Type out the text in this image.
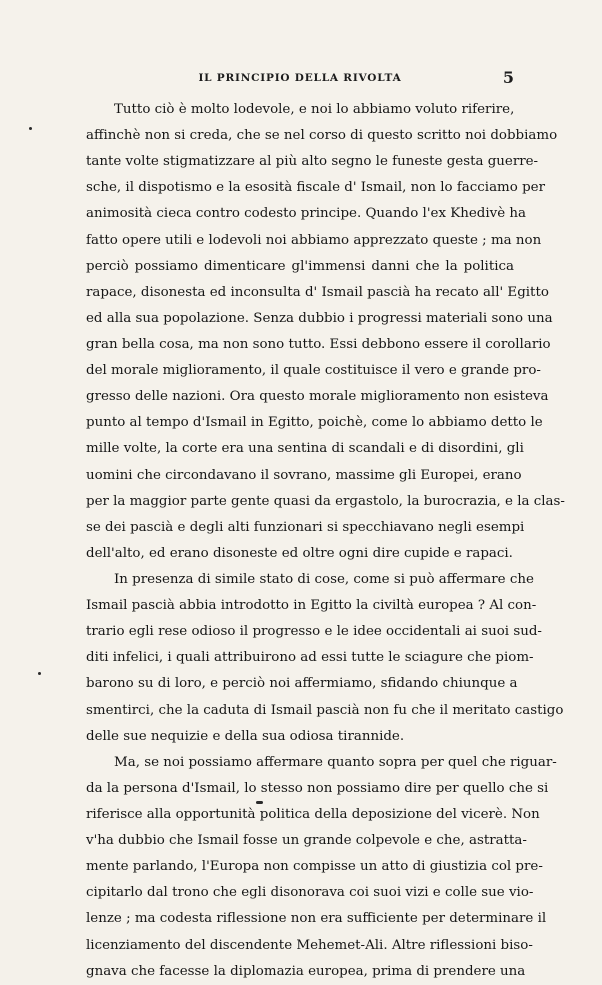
IL PRINCIPIO DELLA RIVOLTA	5
Tutto ciò è molto lodevole, e noi lo abbiamo voluto riferire,
affinchè non si creda, che se nel corso di questo scritto noi dobbiamo
tante volte stigmatizzare al più alto segno le funeste gesta guerre-
sche, il dispotismo e la esosità fiscale d' Ismail, non lo facciamo per
animosità cieca contro codesto principe. Quando l'ex Khedivè ha
fatto opere utili e lodevoli noi abbiamo apprezzato queste ; ma non
perciò possiamo dimenticare gl'immensi danni che la politica
rapace, disonesta ed inconsulta d' Ismail pascià ha recato all' Egitto
ed alla sua popolazione. Senza dubbio i progressi materiali sono una
gran bella cosa, ma non sono tutto. Essi debbono essere il corollario
del morale miglioramento, il quale costituisce il vero e grande pro-
gresso delle nazioni. Ora questo morale miglioramento non esisteva
punto al tempo d'Ismail in Egitto, poichè, come lo abbiamo detto le
mille volte, la corte era una sentina di scandali e di disordini, gli
uomini che circondavano il sovrano, massime gli Europei, erano
per la maggior parte gente quasi da ergastolo, la burocrazia, e la clas-
se dei pascià e degli alti funzionari si specchiavano negli esempi
dell'alto, ed erano disoneste ed oltre ogni dire cupide e rapaci.
In presenza di simile stato di cose, come si può affermare che
Ismail pascià abbia introdotto in Egitto la civiltà europea ? Al con-
trario egli rese odioso il progresso e le idee occidentali ai suoi sud-
diti infelici, i quali attribuirono ad essi tutte le sciagure che piom-
barono su di loro, e perciò noi affermiamo, sfidando chiunque a
smentirci, che la caduta di Ismail pascià non fu che il meritato castigo
delle sue nequizie e della sua odiosa tirannide.
Ma, se noi possiamo affermare quanto sopra per quel che riguar-
da la persona d'Ismail, lo stesso non possiamo dire per quello che si
riferisce alla opportunità politica della deposizione del vicerè. Non
v'ha dubbio che Ismail fosse un grande colpevole e che, astratta-
mente parlando, l'Europa non compisse un atto di giustizia col pre-
cipitarlo dal trono che egli disonorava coi suoi vizi e colle sue vio-
lenze ; ma codesta riflessione non era sufficiente per determinare il
licenziamento del discendente Mehemet-Ali. Altre riflessioni biso-
gnava che facesse la diplomazia europea, prima di prendere una
